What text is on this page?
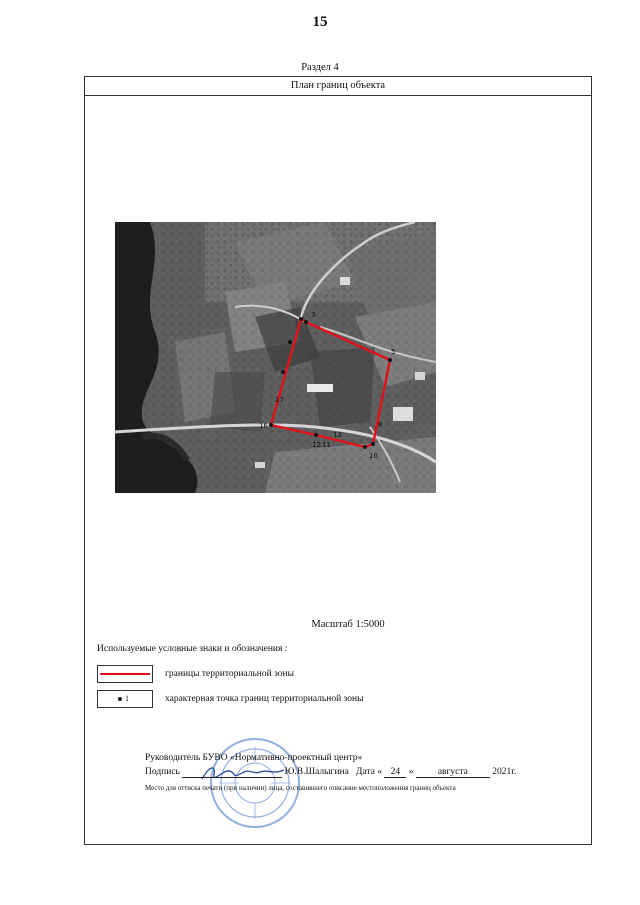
15
Раздел 4
План границ объекта
3
5
8
10
11
12
13
16
17
Масштаб 1:5000
Используемые условные знаки и обозначения :
границы территориальной зоны
1	характерная точка границ территориальной зоны
Руководитель БУВО «Нормативно-проектный центр»
Подпись	Ю.В.Шалыгина Дата « 24 »	августа	2021г.
Место для оттиска печати (при наличии) лица, составившего описание местоположения границ объекта
